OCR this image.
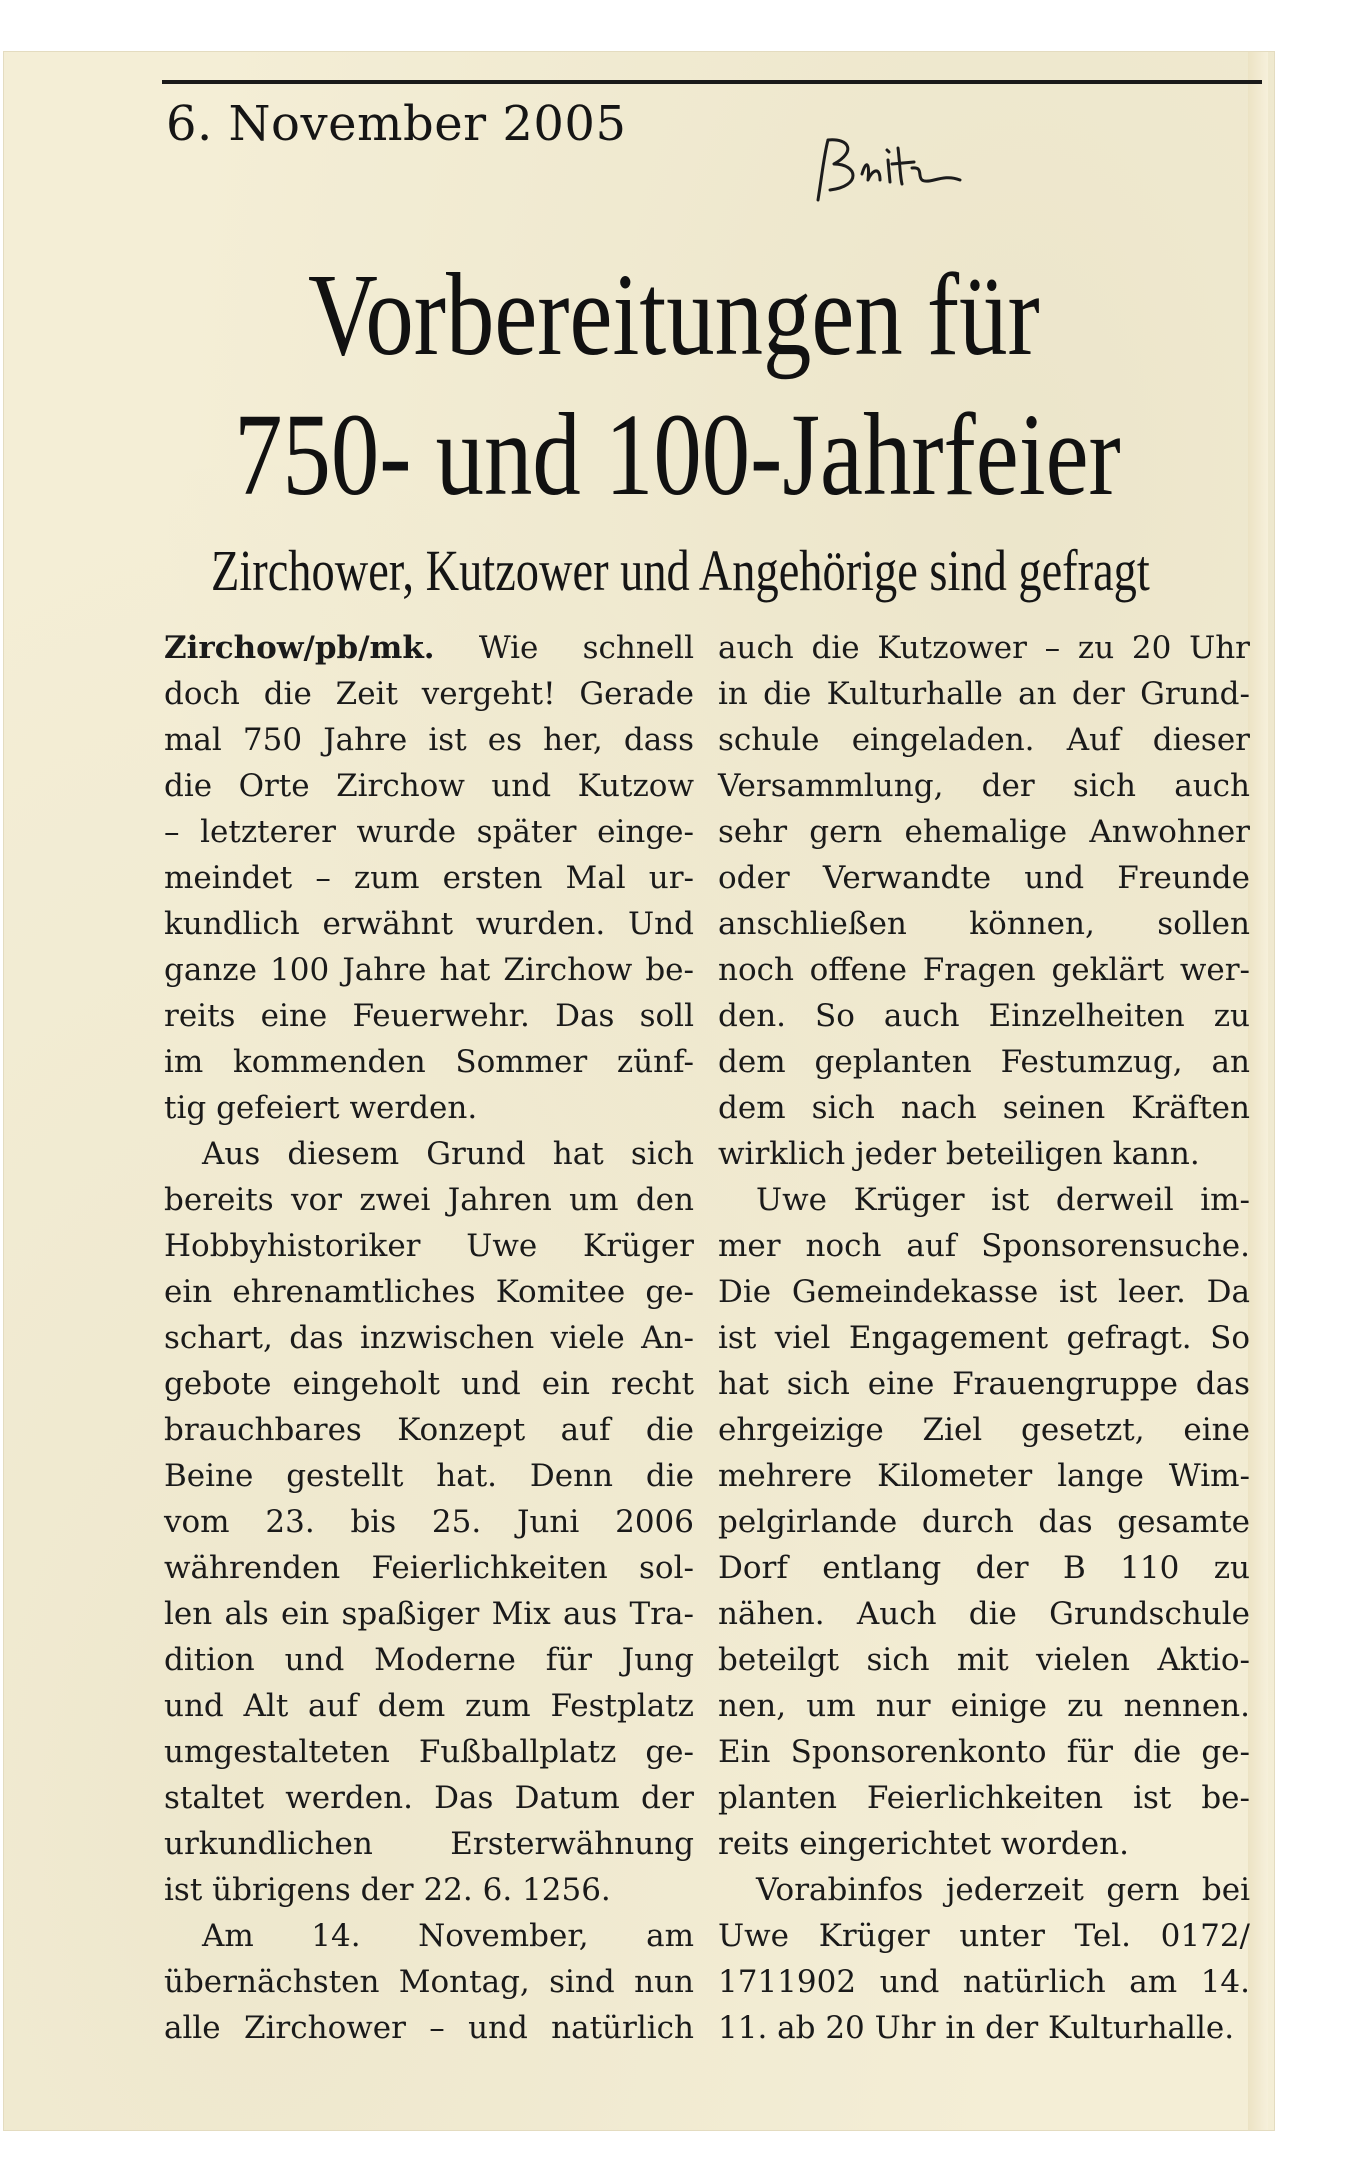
6. November 2005
Vorbereitungen für
750- und 100-Jahrfeier
Zirchower, Kutzower und Angehörige sind gefragt
Zirchow/pb/mk. Wie schnell
doch die Zeit vergeht! Gerade
mal 750 Jahre ist es her, dass
die Orte Zirchow und Kutzow
– letzterer wurde später einge-
meindet – zum ersten Mal ur-
kundlich erwähnt wurden. Und
ganze 100 Jahre hat Zirchow be-
reits eine Feuerwehr. Das soll
im kommenden Sommer zünf-
tig gefeiert werden.
Aus diesem Grund hat sich
bereits vor zwei Jahren um den
Hobbyhistoriker Uwe Krüger
ein ehrenamtliches Komitee ge-
schart, das inzwischen viele An-
gebote eingeholt und ein recht
brauchbares Konzept auf die
Beine gestellt hat. Denn die
vom 23. bis 25. Juni 2006
währenden Feierlichkeiten sol-
len als ein spaßiger Mix aus Tra-
dition und Moderne für Jung
und Alt auf dem zum Festplatz
umgestalteten Fußballplatz ge-
staltet werden. Das Datum der
urkundlichen Ersterwähnung
ist übrigens der 22. 6. 1256.
Am 14. November, am
übernächsten Montag, sind nun
alle Zirchower – und natürlich
auch die Kutzower – zu 20 Uhr
in die Kulturhalle an der Grund-
schule eingeladen. Auf dieser
Versammlung, der sich auch
sehr gern ehemalige Anwohner
oder Verwandte und Freunde
anschließen können, sollen
noch offene Fragen geklärt wer-
den. So auch Einzelheiten zu
dem geplanten Festumzug, an
dem sich nach seinen Kräften
wirklich jeder beteiligen kann.
Uwe Krüger ist derweil im-
mer noch auf Sponsorensuche.
Die Gemeindekasse ist leer. Da
ist viel Engagement gefragt. So
hat sich eine Frauengruppe das
ehrgeizige Ziel gesetzt, eine
mehrere Kilometer lange Wim-
pelgirlande durch das gesamte
Dorf entlang der B 110 zu
nähen. Auch die Grundschule
beteilgt sich mit vielen Aktio-
nen, um nur einige zu nennen.
Ein Sponsorenkonto für die ge-
planten Feierlichkeiten ist be-
reits eingerichtet worden.
Vorabinfos jederzeit gern bei
Uwe Krüger unter Tel. 0172/
1711902 und natürlich am 14.
11. ab 20 Uhr in der Kulturhalle.
